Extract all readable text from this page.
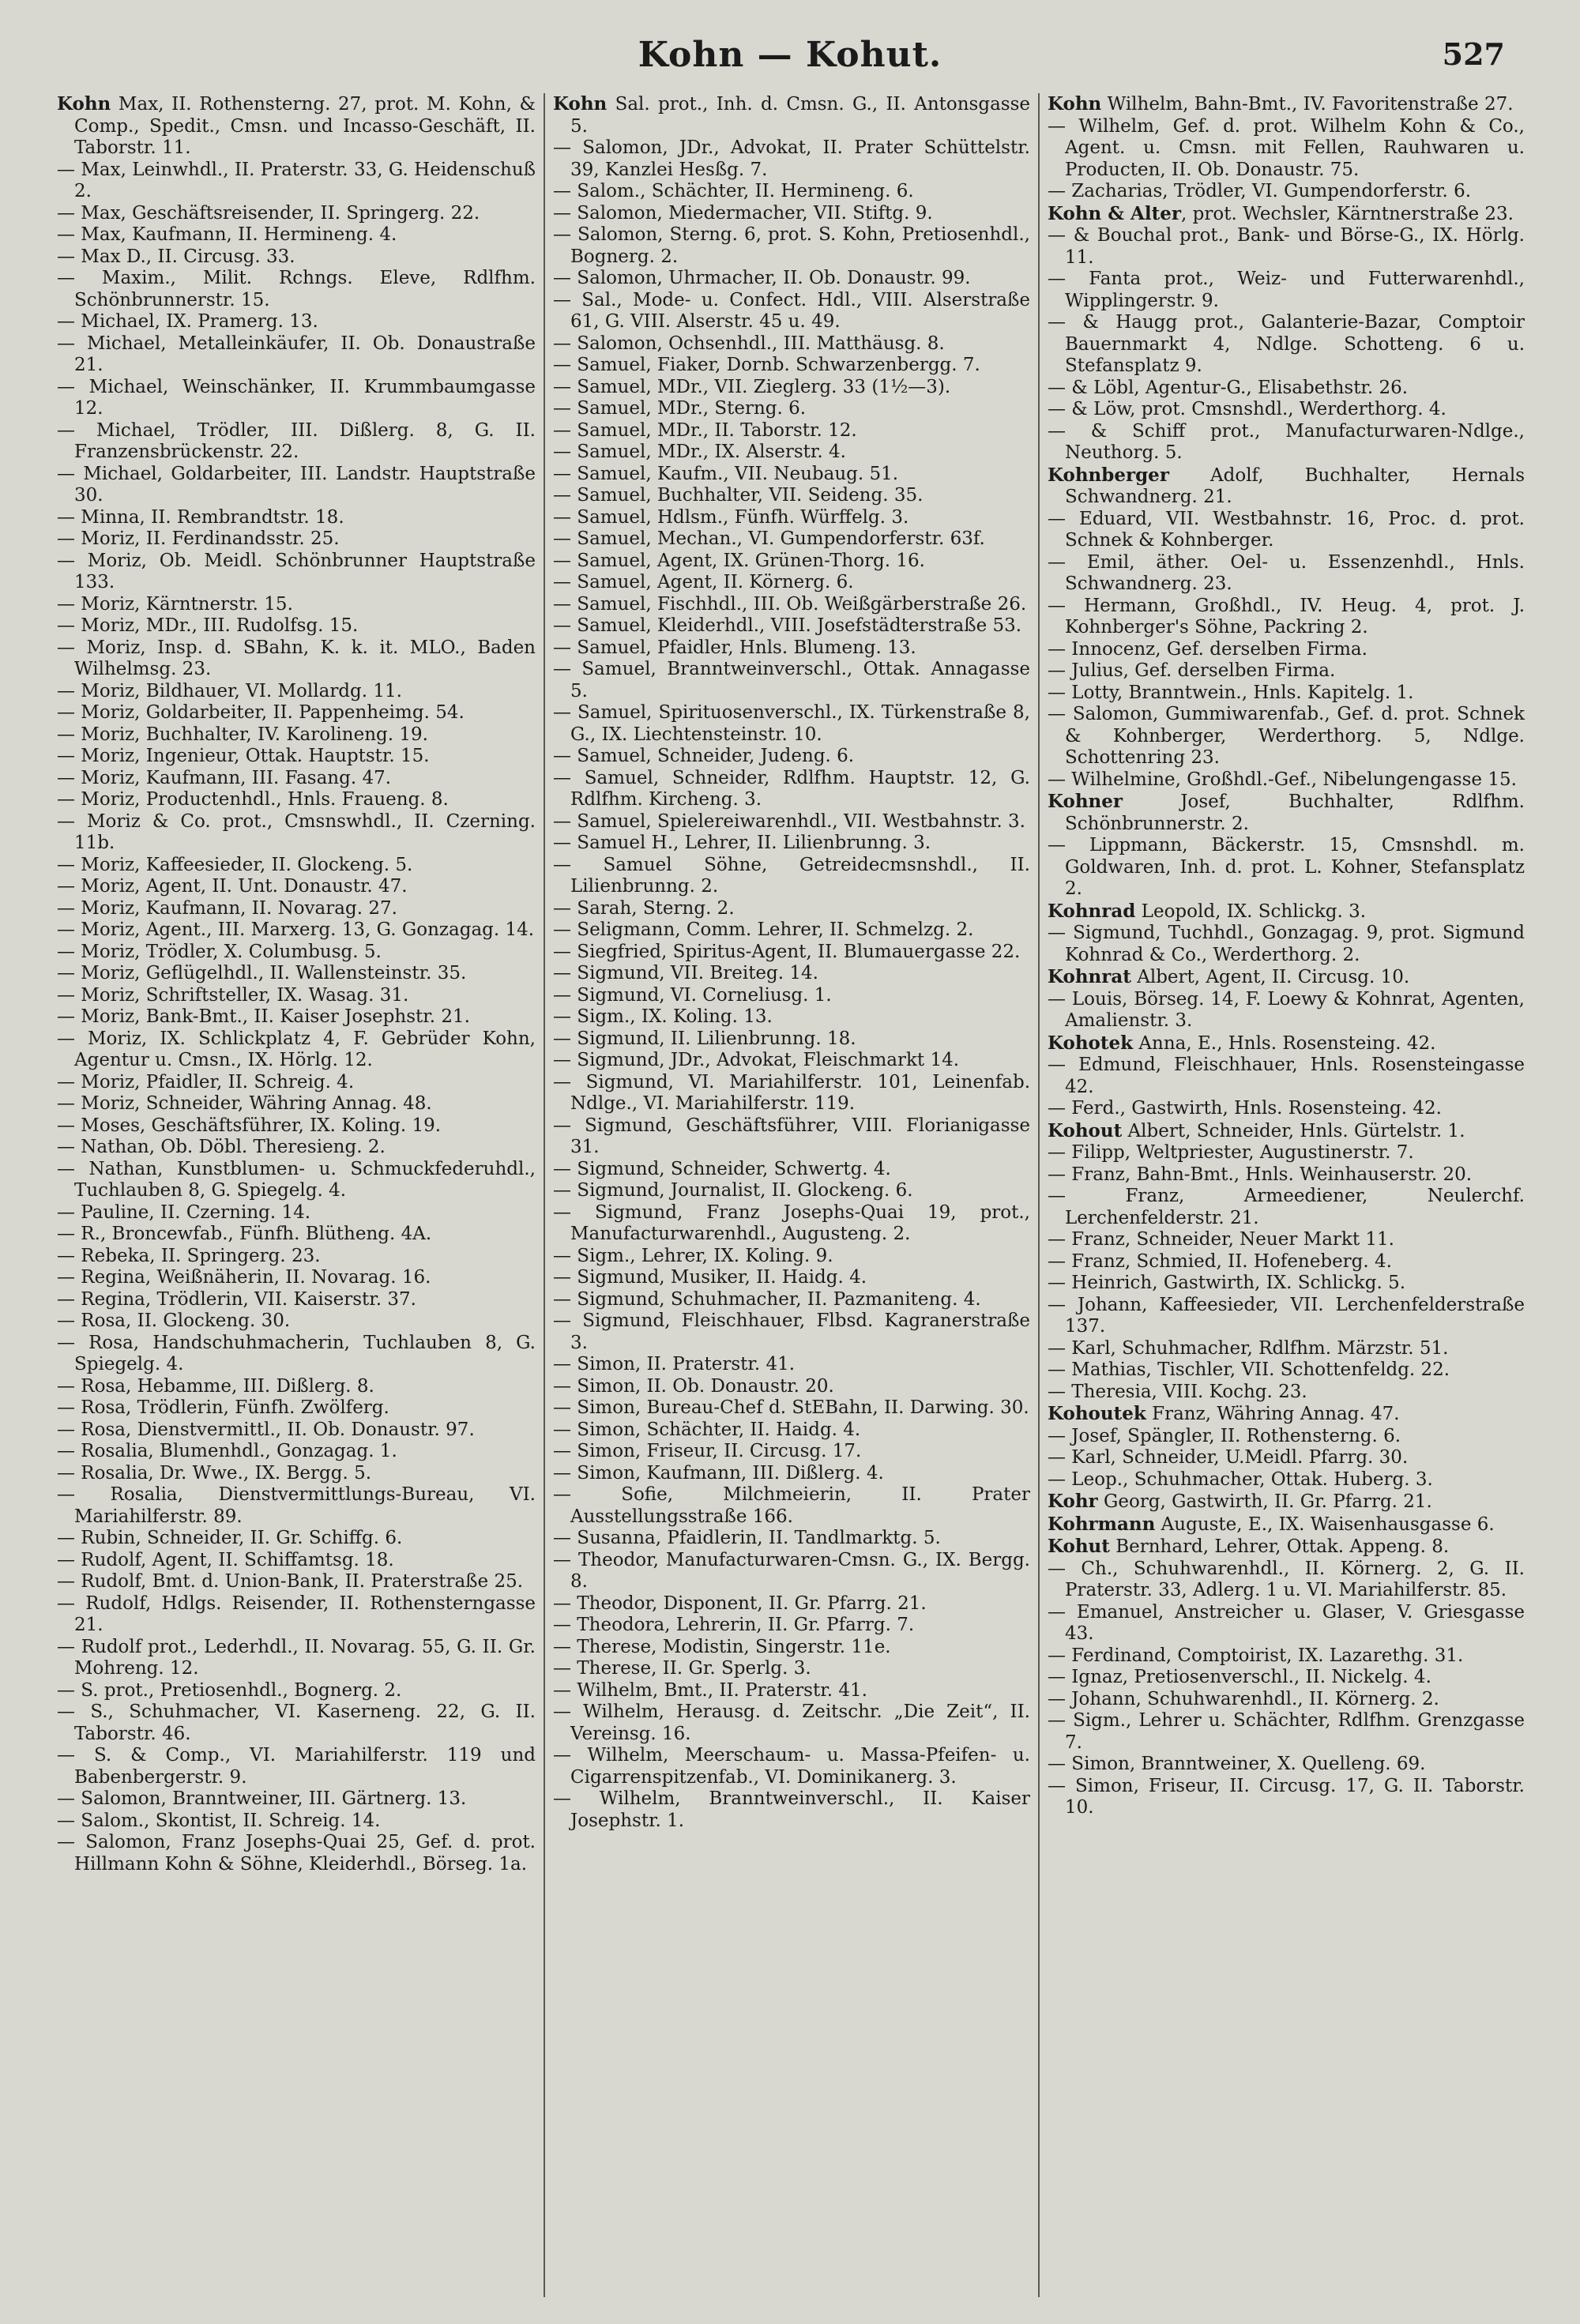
Kohn — Kohut.	527

Kohn Max, II. Rothensterng. 27, prot. M. Kohn, & Comp., Spedit., Cmsn. und Incasso-Geschäft, II. Taborstr. 11.

— Max, Leinwhdl., II. Praterstr. 33, G. Heidenschuß 2.

— Max, Geschäftsreisender, II. Springerg. 22.

— Max, Kaufmann, II. Hermineng. 4.

— Max D., II. Circusg. 33.

— Maxim., Milit. Rchngs. Eleve, Rdlfhm. Schönbrunnerstr. 15.

— Michael, IX. Pramerg. 13.

— Michael, Metalleinkäufer, II. Ob. Donaustraße 21.

— Michael, Weinschänker, II. Krummbaumgasse 12.

— Michael, Trödler, III. Dißlerg. 8, G. II. Franzensbrückenstr. 22.

— Michael, Goldarbeiter, III. Landstr. Hauptstraße 30.

— Minna, II. Rembrandtstr. 18.

— Moriz, II. Ferdinandsstr. 25.

— Moriz, Ob. Meidl. Schönbrunner Hauptstraße 133.

— Moriz, Kärntnerstr. 15.

— Moriz, MDr., III. Rudolfsg. 15.

— Moriz, Insp. d. SBahn, K. k. it. MLO., Baden Wilhelmsg. 23.

— Moriz, Bildhauer, VI. Mollardg. 11.

— Moriz, Goldarbeiter, II. Pappenheimg. 54.

— Moriz, Buchhalter, IV. Karolineng. 19.

— Moriz, Ingenieur, Ottak. Hauptstr. 15.

— Moriz, Kaufmann, III. Fasang. 47.

— Moriz, Productenhdl., Hnls. Fraueng. 8.

— Moriz & Co. prot., Cmsnswhdl., II. Czerning. 11b.

— Moriz, Kaffeesieder, II. Glockeng. 5.

— Moriz, Agent, II. Unt. Donaustr. 47.

— Moriz, Kaufmann, II. Novarag. 27.

— Moriz, Agent., III. Marxerg. 13, G. Gonzagag. 14.

— Moriz, Trödler, X. Columbusg. 5.

— Moriz, Geflügelhdl., II. Wallensteinstr. 35.

— Moriz, Schriftsteller, IX. Wasag. 31.

— Moriz, Bank-Bmt., II. Kaiser Josephstr. 21.

— Moriz, IX. Schlickplatz 4, F. Gebrüder Kohn, Agentur u. Cmsn., IX. Hörlg. 12.

— Moriz, Pfaidler, II. Schreig. 4.

— Moriz, Schneider, Währing Annag. 48.

— Moses, Geschäftsführer, IX. Koling. 19.

— Nathan, Ob. Döbl. Theresieng. 2.

— Nathan, Kunstblumen- u. Schmuckfederuhdl., Tuchlauben 8, G. Spiegelg. 4.

— Pauline, II. Czerning. 14.

— R., Broncewfab., Fünfh. Blütheng. 4A.

— Rebeka, II. Springerg. 23.

— Regina, Weißnäherin, II. Novarag. 16.

— Regina, Trödlerin, VII. Kaiserstr. 37.

— Rosa, II. Glockeng. 30.

— Rosa, Handschuhmacherin, Tuchlauben 8, G. Spiegelg. 4.

— Rosa, Hebamme, III. Dißlerg. 8.

— Rosa, Trödlerin, Fünfh. Zwölferg.

— Rosa, Dienstvermittl., II. Ob. Donaustr. 97.

— Rosalia, Blumenhdl., Gonzagag. 1.

— Rosalia, Dr. Wwe., IX. Bergg. 5.

— Rosalia, Dienstvermittlungs-Bureau, VI. Mariahilferstr. 89.

— Rubin, Schneider, II. Gr. Schiffg. 6.

— Rudolf, Agent, II. Schiffamtsg. 18.

— Rudolf, Bmt. d. Union-Bank, II. Praterstraße 25.

— Rudolf, Hdlgs. Reisender, II. Rothensterngasse 21.

— Rudolf prot., Lederhdl., II. Novarag. 55, G. II. Gr. Mohreng. 12.

— S. prot., Pretiosenhdl., Bognerg. 2.

— S., Schuhmacher, VI. Kaserneng. 22, G. II. Taborstr. 46.

— S. & Comp., VI. Mariahilferstr. 119 und Babenbergerstr. 9.

— Salomon, Branntweiner, III. Gärtnerg. 13.

— Salom., Skontist, II. Schreig. 14.

— Salomon, Franz Josephs-Quai 25, Gef. d. prot. Hillmann Kohn & Söhne, Kleiderhdl., Börseg. 1a.

Kohn Sal. prot., Inh. d. Cmsn. G., II. Antonsgasse 5.

— Salomon, JDr., Advokat, II. Prater Schüttelstr. 39, Kanzlei Hesßg. 7.

— Salom., Schächter, II. Hermineng. 6.

— Salomon, Miedermacher, VII. Stiftg. 9.

— Salomon, Sterng. 6, prot. S. Kohn, Pretiosenhdl., Bognerg. 2.

— Salomon, Uhrmacher, II. Ob. Donaustr. 99.

— Sal., Mode- u. Confect. Hdl., VIII. Alserstraße 61, G. VIII. Alserstr. 45 u. 49.

— Salomon, Ochsenhdl., III. Matthäusg. 8.

— Samuel, Fiaker, Dornb. Schwarzenbergg. 7.

— Samuel, MDr., VII. Zieglerg. 33 (1½—3).

— Samuel, MDr., Sterng. 6.

— Samuel, MDr., II. Taborstr. 12.

— Samuel, MDr., IX. Alserstr. 4.

— Samuel, Kaufm., VII. Neubaug. 51.

— Samuel, Buchhalter, VII. Seideng. 35.

— Samuel, Hdlsm., Fünfh. Würffelg. 3.

— Samuel, Mechan., VI. Gumpendorferstr. 63f.

— Samuel, Agent, IX. Grünen-Thorg. 16.

— Samuel, Agent, II. Körnerg. 6.

— Samuel, Fischhdl., III. Ob. Weißgärberstraße 26.

— Samuel, Kleiderhdl., VIII. Josefstädterstraße 53.

— Samuel, Pfaidler, Hnls. Blumeng. 13.

— Samuel, Branntweinverschl., Ottak. Annagasse 5.

— Samuel, Spirituosenverschl., IX. Türkenstraße 8, G., IX. Liechtensteinstr. 10.

— Samuel, Schneider, Judeng. 6.

— Samuel, Schneider, Rdlfhm. Hauptstr. 12, G. Rdlfhm. Kircheng. 3.

— Samuel, Spielereiwarenhdl., VII. Westbahnstr. 3.

— Samuel H., Lehrer, II. Lilienbrunng. 3.

— Samuel Söhne, Getreidecmsnshdl., II. Lilienbrunng. 2.

— Sarah, Sterng. 2.

— Seligmann, Comm. Lehrer, II. Schmelzg. 2.

— Siegfried, Spiritus-Agent, II. Blumauergasse 22.

— Sigmund, VII. Breiteg. 14.

— Sigmund, VI. Corneliusg. 1.

— Sigm., IX. Koling. 13.

— Sigmund, II. Lilienbrunng. 18.

— Sigmund, JDr., Advokat, Fleischmarkt 14.

— Sigmund, VI. Mariahilferstr. 101, Leinenfab. Ndlge., VI. Mariahilferstr. 119.

— Sigmund, Geschäftsführer, VIII. Florianigasse 31.

— Sigmund, Schneider, Schwertg. 4.

— Sigmund, Journalist, II. Glockeng. 6.

— Sigmund, Franz Josephs-Quai 19, prot., Manufacturwarenhdl., Augusteng. 2.

— Sigm., Lehrer, IX. Koling. 9.

— Sigmund, Musiker, II. Haidg. 4.

— Sigmund, Schuhmacher, II. Pazmaniteng. 4.

— Sigmund, Fleischhauer, Flbsd. Kagranerstraße 3.

— Simon, II. Praterstr. 41.

— Simon, II. Ob. Donaustr. 20.

— Simon, Bureau-Chef d. StEBahn, II. Darwing. 30.

— Simon, Schächter, II. Haidg. 4.

— Simon, Friseur, II. Circusg. 17.

— Simon, Kaufmann, III. Dißlerg. 4.

— Sofie, Milchmeierin, II. Prater Ausstellungsstraße 166.

— Susanna, Pfaidlerin, II. Tandlmarktg. 5.

— Theodor, Manufacturwaren-Cmsn. G., IX. Bergg. 8.

— Theodor, Disponent, II. Gr. Pfarrg. 21.

— Theodora, Lehrerin, II. Gr. Pfarrg. 7.

— Therese, Modistin, Singerstr. 11e.

— Therese, II. Gr. Sperlg. 3.

— Wilhelm, Bmt., II. Praterstr. 41.

— Wilhelm, Herausg. d. Zeitschr. „Die Zeit“, II. Vereinsg. 16.

— Wilhelm, Meerschaum- u. Massa-Pfeifen- u. Cigarrenspitzenfab., VI. Dominikanerg. 3.

— Wilhelm, Branntweinverschl., II. Kaiser Josephstr. 1.

Kohn Wilhelm, Bahn-Bmt., IV. Favoritenstraße 27.

— Wilhelm, Gef. d. prot. Wilhelm Kohn & Co., Agent. u. Cmsn. mit Fellen, Rauhwaren u. Producten, II. Ob. Donaustr. 75.

— Zacharias, Trödler, VI. Gumpendorferstr. 6.

Kohn & Alter, prot. Wechsler, Kärntnerstraße 23.

— & Bouchal prot., Bank- und Börse-G., IX. Hörlg. 11.

— Fanta prot., Weiz- und Futterwarenhdl., Wipplingerstr. 9.

— & Haugg prot., Galanterie-Bazar, Comptoir Bauernmarkt 4, Ndlge. Schotteng. 6 u. Stefansplatz 9.

— & Löbl, Agentur-G., Elisabethstr. 26.

— & Löw, prot. Cmsnshdl., Werderthorg. 4.

— & Schiff prot., Manufacturwaren-Ndlge., Neuthorg. 5.

Kohnberger Adolf, Buchhalter, Hernals Schwandnerg. 21.

— Eduard, VII. Westbahnstr. 16, Proc. d. prot. Schnek & Kohnberger.

— Emil, äther. Oel- u. Essenzenhdl., Hnls. Schwandnerg. 23.

— Hermann, Großhdl., IV. Heug. 4, prot. J. Kohnberger's Söhne, Packring 2.

— Innocenz, Gef. derselben Firma.

— Julius, Gef. derselben Firma.

— Lotty, Branntwein., Hnls. Kapitelg. 1.

— Salomon, Gummiwarenfab., Gef. d. prot. Schnek & Kohnberger, Werderthorg. 5, Ndlge. Schottenring 23.

— Wilhelmine, Großhdl.-Gef., Nibelungengasse 15.

Kohner Josef, Buchhalter, Rdlfhm. Schönbrunnerstr. 2.

— Lippmann, Bäckerstr. 15, Cmsnshdl. m. Goldwaren, Inh. d. prot. L. Kohner, Stefansplatz 2.

Kohnrad Leopold, IX. Schlickg. 3.

— Sigmund, Tuchhdl., Gonzagag. 9, prot. Sigmund Kohnrad & Co., Werderthorg. 2.

Kohnrat Albert, Agent, II. Circusg. 10.

— Louis, Börseg. 14, F. Loewy & Kohnrat, Agenten, Amalienstr. 3.

Kohotek Anna, E., Hnls. Rosensteing. 42.

— Edmund, Fleischhauer, Hnls. Rosensteingasse 42.

— Ferd., Gastwirth, Hnls. Rosensteing. 42.

Kohout Albert, Schneider, Hnls. Gürtelstr. 1.

— Filipp, Weltpriester, Augustinerstr. 7.

— Franz, Bahn-Bmt., Hnls. Weinhauserstr. 20.

— Franz, Armeediener, Neulerchf. Lerchenfelderstr. 21.

— Franz, Schneider, Neuer Markt 11.

— Franz, Schmied, II. Hofeneberg. 4.

— Heinrich, Gastwirth, IX. Schlickg. 5.

— Johann, Kaffeesieder, VII. Lerchenfelderstraße 137.

— Karl, Schuhmacher, Rdlfhm. Märzstr. 51.

— Mathias, Tischler, VII. Schottenfeldg. 22.

— Theresia, VIII. Kochg. 23.

Kohoutek Franz, Währing Annag. 47.

— Josef, Spängler, II. Rothensterng. 6.

— Karl, Schneider, U.Meidl. Pfarrg. 30.

— Leop., Schuhmacher, Ottak. Huberg. 3.

Kohr Georg, Gastwirth, II. Gr. Pfarrg. 21.

Kohrmann Auguste, E., IX. Waisenhausgasse 6.

Kohut Bernhard, Lehrer, Ottak. Appeng. 8.

— Ch., Schuhwarenhdl., II. Körnerg. 2, G. II. Praterstr. 33, Adlerg. 1 u. VI. Mariahilferstr. 85.

— Emanuel, Anstreicher u. Glaser, V. Griesgasse 43.

— Ferdinand, Comptoirist, IX. Lazarethg. 31.

— Ignaz, Pretiosenverschl., II. Nickelg. 4.

— Johann, Schuhwarenhdl., II. Körnerg. 2.

— Sigm., Lehrer u. Schächter, Rdlfhm. Grenzgasse 7.

— Simon, Branntweiner, X. Quelleng. 69.

— Simon, Friseur, II. Circusg. 17, G. II. Taborstr. 10.
